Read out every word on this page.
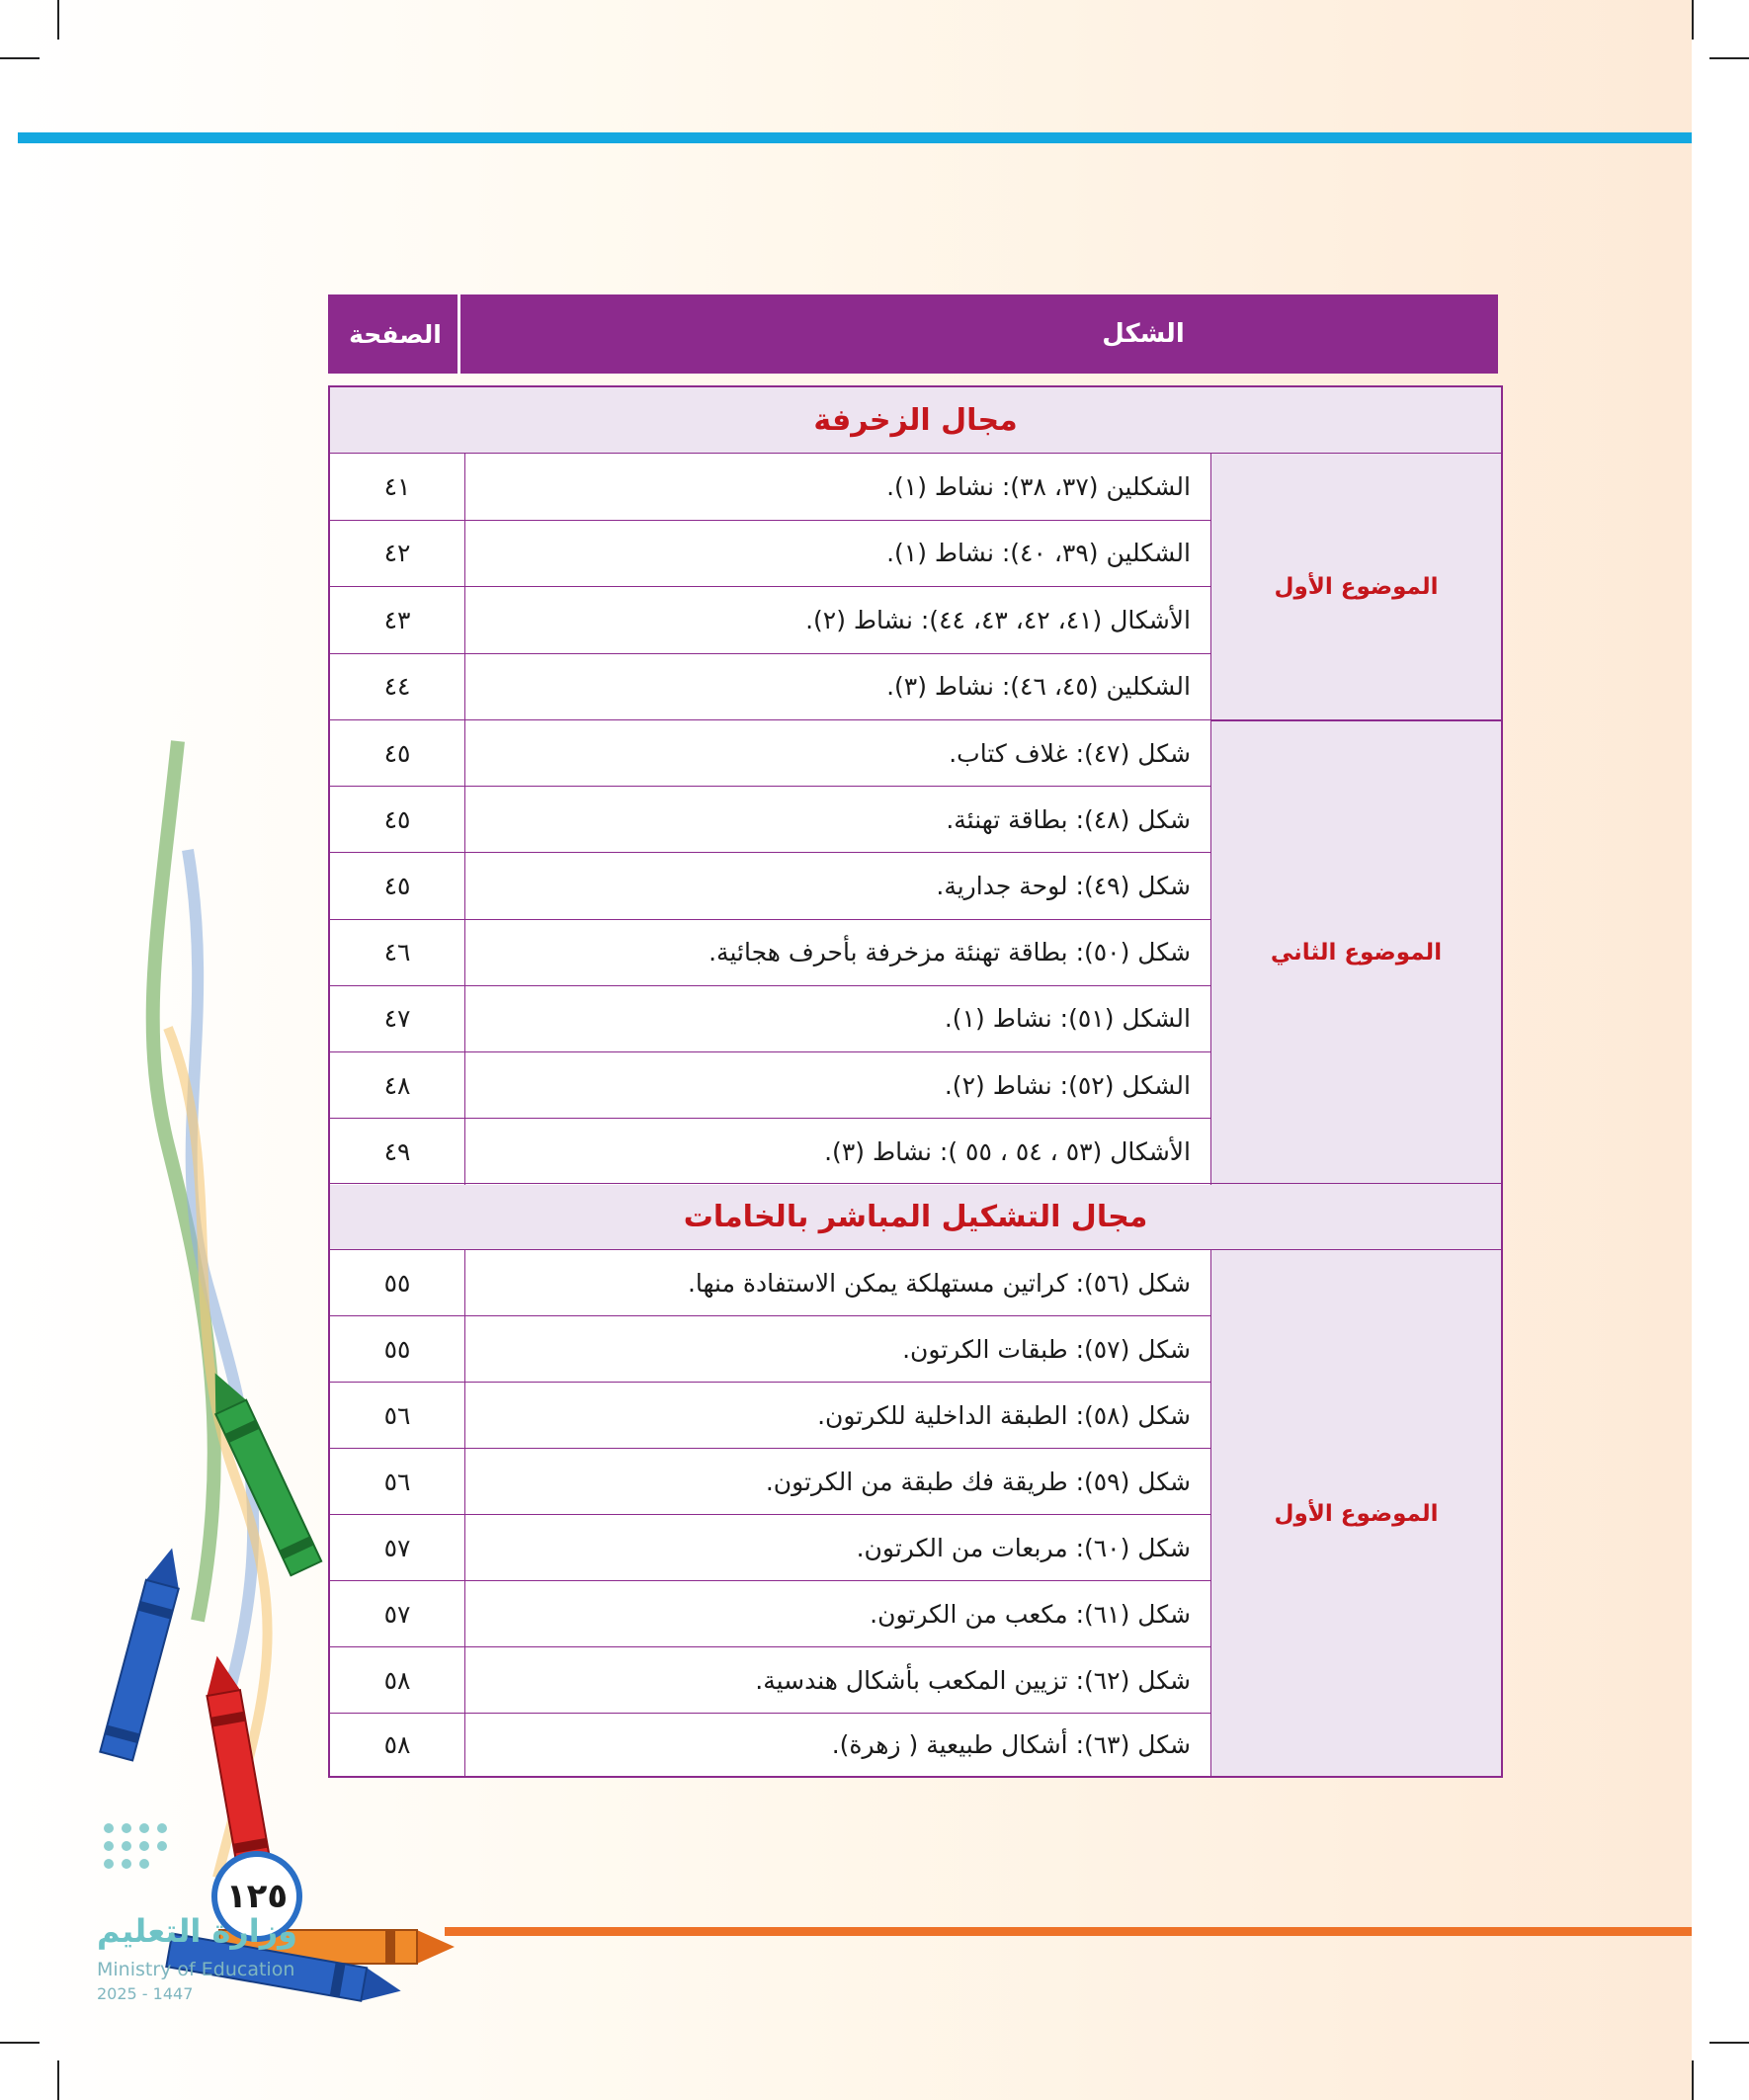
الشكل
الصفحة
مجال الزخرفة
الموضوع الأول
الشكلين (٣٧، ٣٨): نشاط (١).
٤١
الشكلين (٣٩، ٤٠): نشاط (١).
٤٢
الأشكال (٤١، ٤٢، ٤٣، ٤٤): نشاط (٢).
٤٣
الشكلين (٤٥، ٤٦): نشاط (٣).
٤٤
الموضوع الثاني
شكل (٤٧): غلاف كتاب.
٤٥
شكل (٤٨): بطاقة تهنئة.
٤٥
شكل (٤٩): لوحة جدارية.
٤٥
شكل (٥٠): بطاقة تهنئة مزخرفة بأحرف هجائية.
٤٦
الشكل (٥١): نشاط (١).
٤٧
الشكل (٥٢): نشاط (٢).
٤٨
الأشكال (٥٣ ، ٥٤ ، ٥٥ ): نشاط (٣).
٤٩
مجال التشكيل المباشر بالخامات
الموضوع الأول
شكل (٥٦): كراتين مستهلكة يمكن الاستفادة منها.
٥٥
شكل (٥٧): طبقات الكرتون.
٥٥
شكل (٥٨): الطبقة الداخلية للكرتون.
٥٦
شكل (٥٩): طريقة فك طبقة من الكرتون.
٥٦
شكل (٦٠): مربعات من الكرتون.
٥٧
شكل (٦١): مكعب من الكرتون.
٥٧
شكل (٦٢): تزيين المكعب بأشكال هندسية.
٥٨
شكل (٦٣): أشكال طبيعية ( زهرة).
٥٨
١٢٥
وزارة التعليم
Ministry of Education
2025 - 1447
